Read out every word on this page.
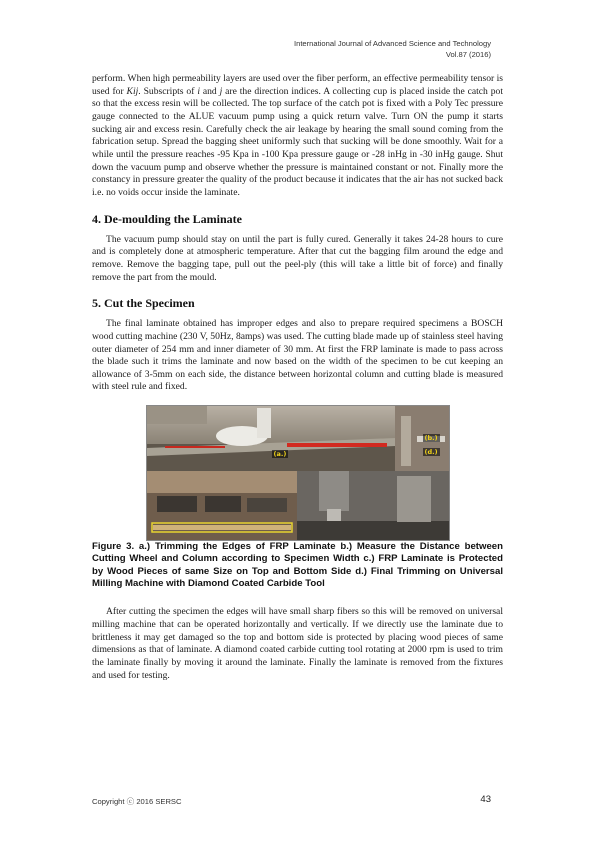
International Journal of Advanced Science and Technology
Vol.87 (2016)

perform. When high permeability layers are used over the fiber perform, an effective permeability tensor is used for Kij. Subscripts of i and j are the direction indices. A collecting cup is placed inside the catch pot so that the excess resin will be collected. The top surface of the catch pot is fixed with a Poly Tec pressure gauge connected to the ALUE vacuum pump using a quick return valve. Turn ON the pump it starts sucking air and excess resin. Carefully check the air leakage by hearing the small sound coming from the fabrication setup. Spread the bagging sheet uniformly such that sucking will be done smoothly. Wait for a while until the pressure reaches -95 Kpa in -100 Kpa pressure gauge or -28 inHg in -30 inHg gauge. Shut down the vacuum pump and observe whether the pressure is maintained constant or not. Finally more the constancy in pressure greater the quality of the product because it indicates that the air has not sucked back i.e. no voids occur inside the laminate.

4. De-moulding the Laminate

The vacuum pump should stay on until the part is fully cured. Generally it takes 24-28 hours to cure and is completely done at atmospheric temperature. After that cut the bagging film around the edge and remove. Remove the bagging tape, pull out the peel-ply (this will take a little bit of force) and finally remove the part from the mould.

5. Cut the Specimen

The final laminate obtained has improper edges and also to prepare required specimens a BOSCH wood cutting machine (230 V, 50Hz, 8amps) was used. The cutting blade made up of stainless steel having outer diameter of 254 mm and inner diameter of 30 mm. At first the FRP laminate is made to pass across the blade such it trims the laminate and now based on the width of the specimen to be cut keeping an allowance of 3-5mm on each side, the distance between horizontal column and cutting blade is measured with steel rule and fixed.

(a.)
(b.)
(d.)

Figure 3. a.) Trimming the Edges of FRP Laminate b.) Measure the Distance between Cutting Wheel and Column according to Specimen Width c.) FRP Laminate is Protected by Wood Pieces of same Size on Top and Bottom Side d.) Final Trimming on Universal Milling Machine with Diamond Coated Carbide Tool

After cutting the specimen the edges will have small sharp fibers so this will be removed on universal milling machine that can be operated horizontally and vertically. If we directly use the laminate due to brittleness it may get damaged so the top and bottom side is protected by placing wood pieces of same dimensions as that of laminate. A diamond coated carbide cutting tool rotating at 2000 rpm is used to trim the laminate finally by moving it around the laminate. Finally the laminate is removed from the fixtures and used for testing.

Copyright ⓒ 2016 SERSC	43
